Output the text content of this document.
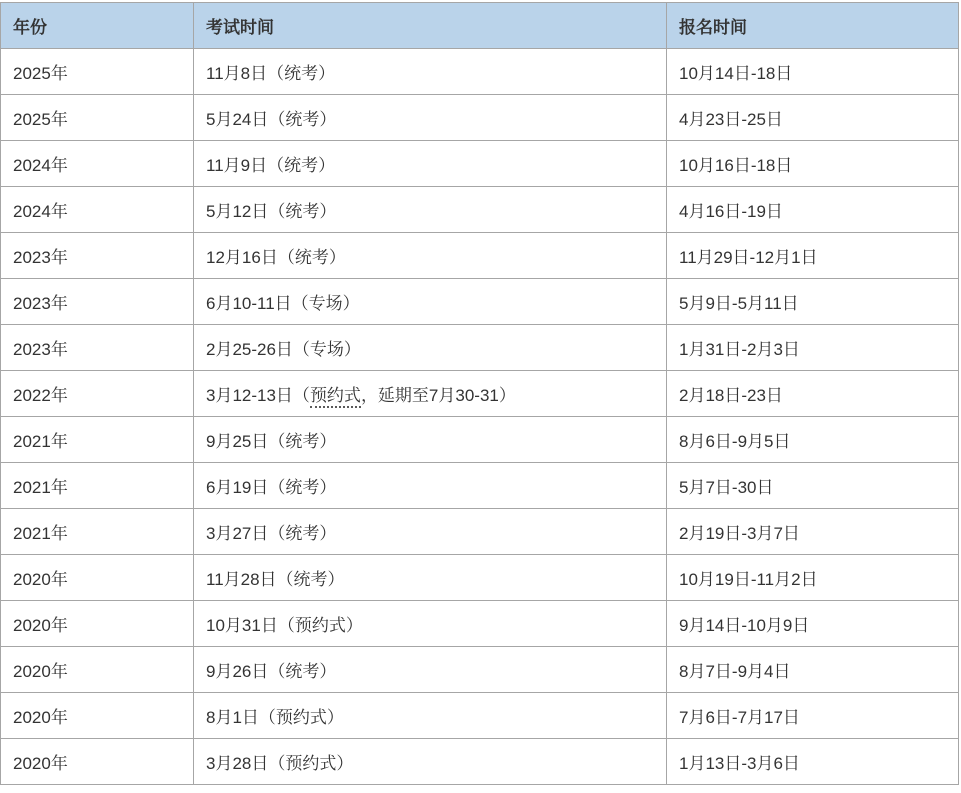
年份	考试时间	报名时间
2025年	11月8日（统考）	10月14日-18日
2025年	5月24日（统考）	4月23日-25日
2024年	11月9日（统考）	10月16日-18日
2024年	5月12日（统考）	4月16日-19日
2023年	12月16日（统考）	11月29日-12月1日
2023年	6月10-11日（专场）	5月9日-5月11日
2023年	2月25-26日（专场）	1月31日-2月3日
2022年	3月12-13日（预约式，延期至7月30-31）	2月18日-23日
2021年	9月25日（统考）	8月6日-9月5日
2021年	6月19日（统考）	5月7日-30日
2021年	3月27日（统考）	2月19日-3月7日
2020年	11月28日（统考）	10月19日-11月2日
2020年	10月31日（预约式）	9月14日-10月9日
2020年	9月26日（统考）	8月7日-9月4日
2020年	8月1日（预约式）	7月6日-7月17日
2020年	3月28日（预约式）	1月13日-3月6日
